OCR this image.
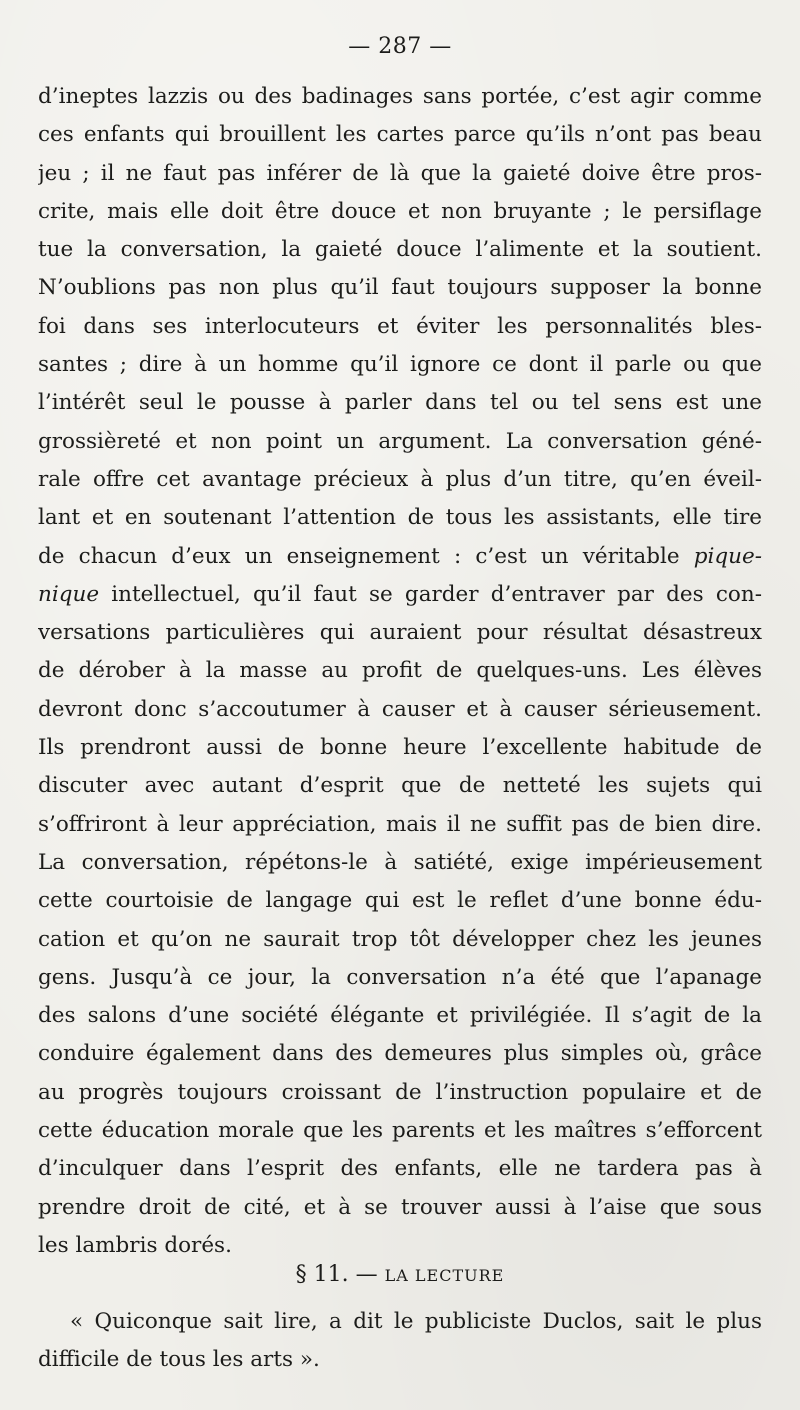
— 287 —
d’ineptes lazzis ou des badinages sans portée, c’est agir comme
ces enfants qui brouillent les cartes parce qu’ils n’ont pas beau
jeu ; il ne faut pas inférer de là que la gaieté doive être pros-
crite, mais elle doit être douce et non bruyante ; le persiflage
tue la conversation, la gaieté douce l’alimente et la soutient.
N’oublions pas non plus qu’il faut toujours supposer la bonne
foi dans ses interlocuteurs et éviter les personnalités bles-
santes ; dire à un homme qu’il ignore ce dont il parle ou que
l’intérêt seul le pousse à parler dans tel ou tel sens est une
grossièreté et non point un argument. La conversation géné-
rale offre cet avantage précieux à plus d’un titre, qu’en éveil-
lant et en soutenant l’attention de tous les assistants, elle tire
de chacun d’eux un enseignement : c’est un véritable pique-
nique intellectuel, qu’il faut se garder d’entraver par des con-
versations particulières qui auraient pour résultat désastreux
de dérober à la masse au profit de quelques-uns. Les élèves
devront donc s’accoutumer à causer et à causer sérieusement.
Ils prendront aussi de bonne heure l’excellente habitude de
discuter avec autant d’esprit que de netteté les sujets qui
s’offriront à leur appréciation, mais il ne suffit pas de bien dire.
La conversation, répétons-le à satiété, exige impérieusement
cette courtoisie de langage qui est le reflet d’une bonne édu-
cation et qu’on ne saurait trop tôt développer chez les jeunes
gens. Jusqu’à ce jour, la conversation n’a été que l’apanage
des salons d’une société élégante et privilégiée. Il s’agit de la
conduire également dans des demeures plus simples où, grâce
au progrès toujours croissant de l’instruction populaire et de
cette éducation morale que les parents et les maîtres s’efforcent
d’inculquer dans l’esprit des enfants, elle ne tardera pas à
prendre droit de cité, et à se trouver aussi à l’aise que sous
les lambris dorés.
§ 11. — LA LECTURE
« Quiconque sait lire, a dit le publiciste Duclos, sait le plus
difficile de tous les arts ».
